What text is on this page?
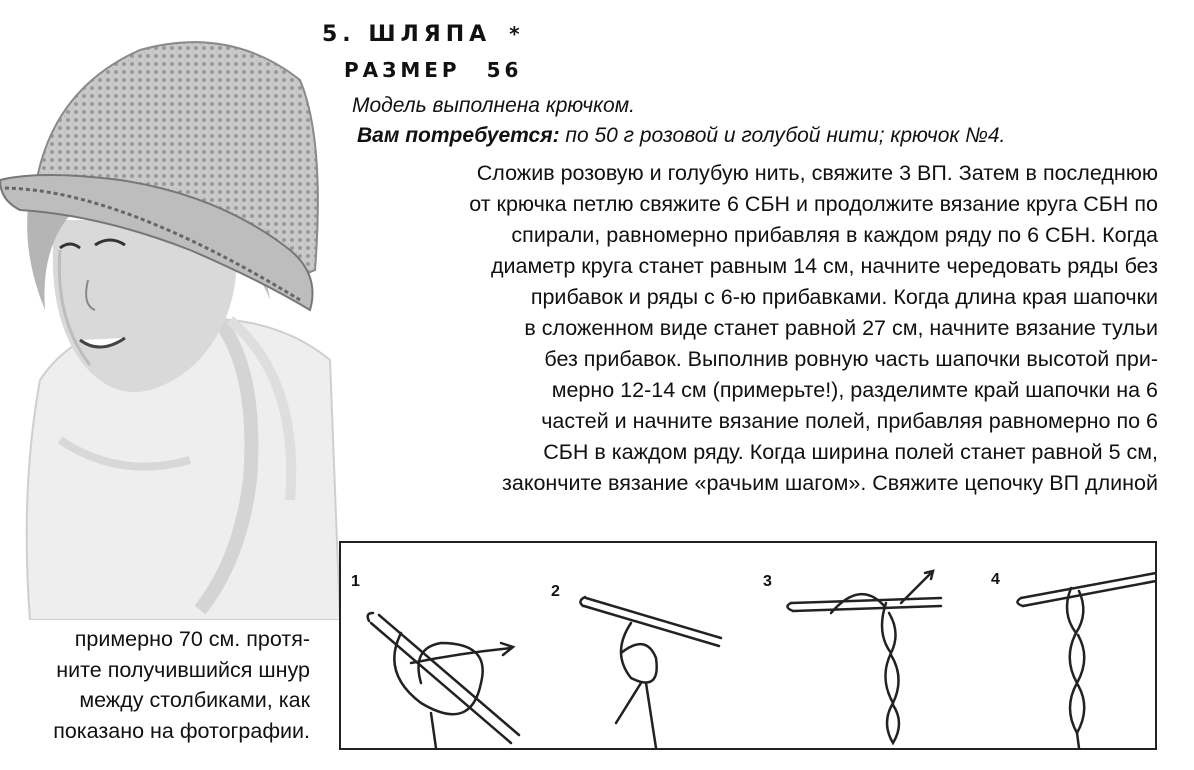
5. ШЛЯПА *
РАЗМЕР 56
Модель выполнена крючком.
Вам потребуется: по 50 г розовой и голубой нити; крючок №4.
Сложив розовую и голубую нить, свяжите 3 ВП. Затем в последнюю
от крючка петлю свяжите 6 СБН и продолжите вязание круга СБН по
спирали, равномерно прибавляя в каждом ряду по 6 СБН. Когда
диаметр круга станет равным 14 см, начните чередовать ряды без
прибавок и ряды с 6-ю прибавками. Когда длина края шапочки
в сложенном виде станет равной 27 см, начните вязание тульи
без прибавок. Выполнив ровную часть шапочки высотой при-
мерно 12-14 см (примерьте!), разделимте край шапочки на 6
частей и начните вязание полей, прибавляя равномерно по 6
СБН в каждом ряду. Когда ширина полей станет равной 5 см,
закончите вязание «рачьим шагом». Свяжите цепочку ВП длиной
примерно 70 см. протя-
ните получившийся шнур
между столбиками, как
показано на фотографии.
1
2
3	4
